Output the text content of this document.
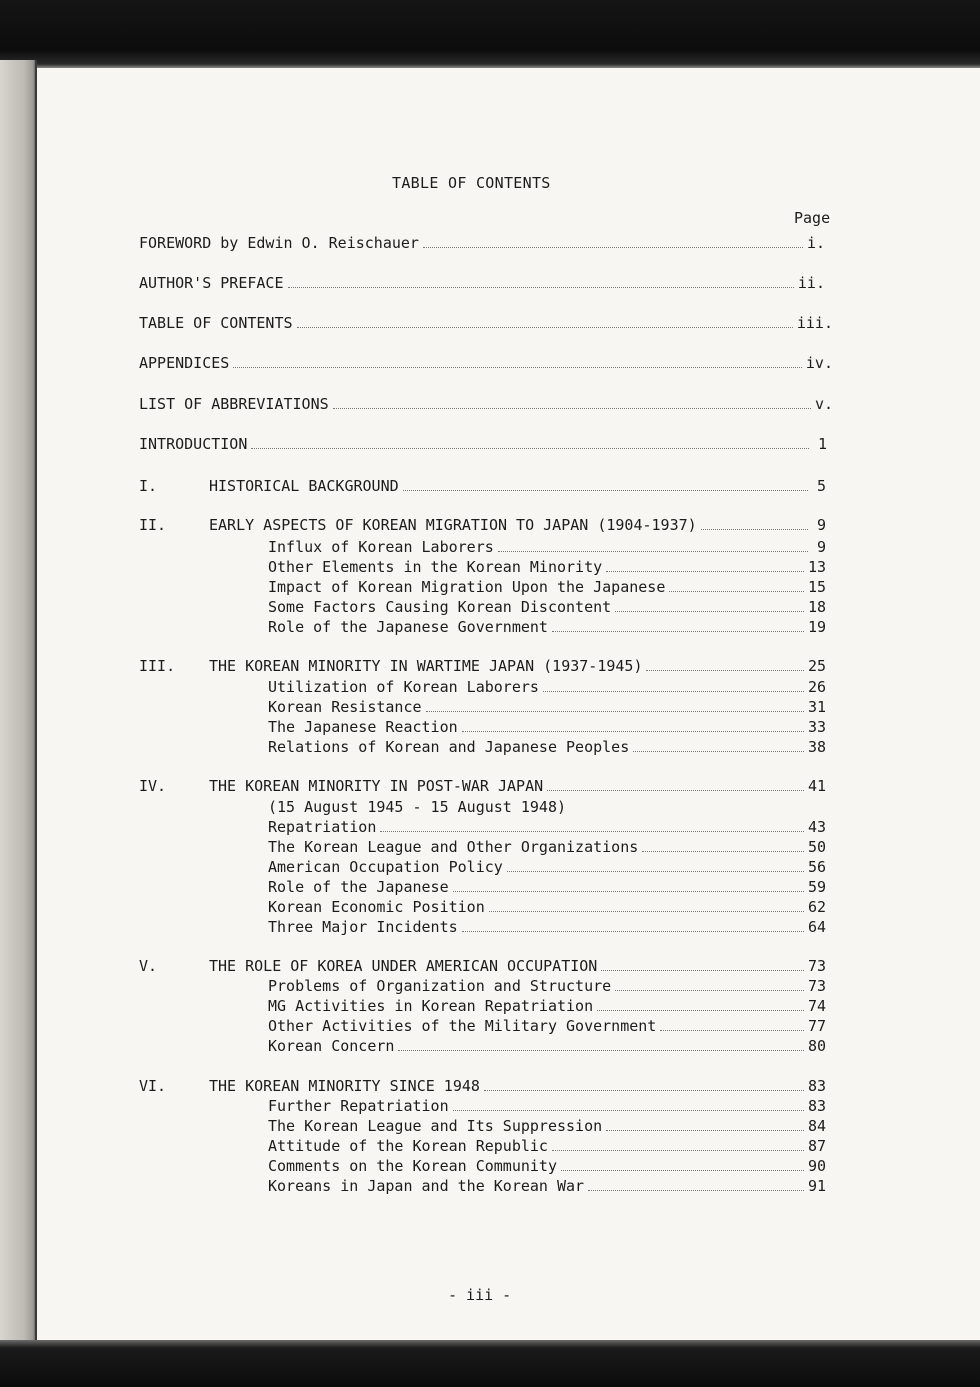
TABLE OF CONTENTS
Page
FOREWORD by Edwin O. Reischauer	i.
AUTHOR'S PREFACE	ii.
TABLE OF CONTENTS	iii.
APPENDICES	iv.
LIST OF ABBREVIATIONS	v.
INTRODUCTION	1
I.	HISTORICAL BACKGROUND	5
II.	EARLY ASPECTS OF KOREAN MIGRATION TO JAPAN (1904-1937)	9
Influx of Korean Laborers	9
Other Elements in the Korean Minority	13
Impact of Korean Migration Upon the Japanese	15
Some Factors Causing Korean Discontent	18
Role of the Japanese Government	19
III. THE KOREAN MINORITY IN WARTIME JAPAN (1937-1945)	25
Utilization of Korean Laborers	26
Korean Resistance	31
The Japanese Reaction	33
Relations of Korean and Japanese Peoples	38
IV.	THE KOREAN MINORITY IN POST-WAR JAPAN	41
(15 August 1945 - 15 August 1948)
Repatriation	43
The Korean League and Other Organizations	50
American Occupation Policy	56
Role of the Japanese	59
Korean Economic Position	62
Three Major Incidents	64
V.	THE ROLE OF KOREA UNDER AMERICAN OCCUPATION	73
Problems of Organization and Structure	73
MG Activities in Korean Repatriation	74
Other Activities of the Military Government	77
Korean Concern	80
VI.	THE KOREAN MINORITY SINCE 1948	83
Further Repatriation	83
The Korean League and Its Suppression	84
Attitude of the Korean Republic	87
Comments on the Korean Community	90
Koreans in Japan and the Korean War	91
- iii -
